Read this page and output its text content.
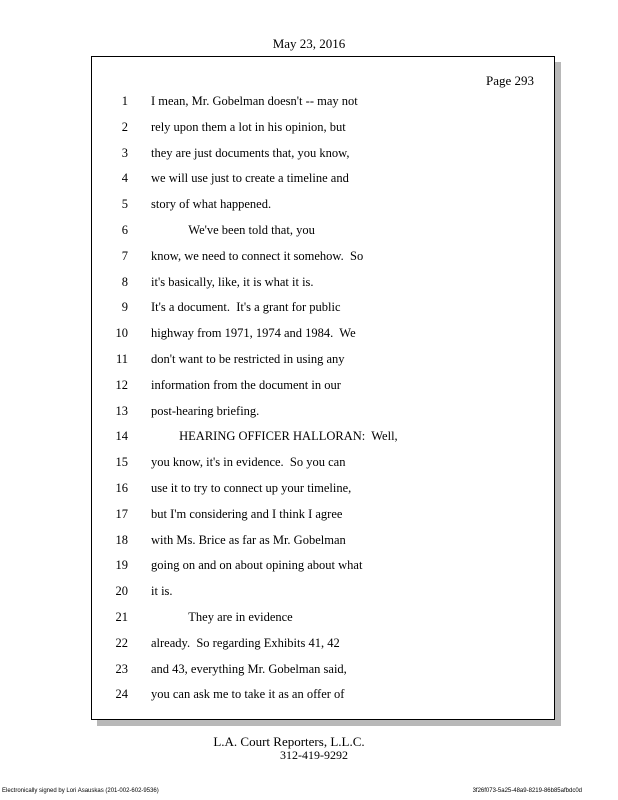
May 23, 2016
Page 293
1 I mean, Mr. Gobelman doesn't -- may not
2 rely upon them a lot in his opinion, but
3 they are just documents that, you know,
4 we will use just to create a timeline and
5 story of what happened.
6 We've been told that, you
7 know, we need to connect it somehow.  So
8 it's basically, like, it is what it is.
9 It's a document.  It's a grant for public
10 highway from 1971, 1974 and 1984.  We
11 don't want to be restricted in using any
12 information from the document in our
13 post-hearing briefing.
14 HEARING OFFICER HALLORAN:  Well,
15 you know, it's in evidence.  So you can
16 use it to try to connect up your timeline,
17 but I'm considering and I think I agree
18 with Ms. Brice as far as Mr. Gobelman
19 going on and on about opining about what
20 it is.
21 They are in evidence
22 already.  So regarding Exhibits 41, 42
23 and 43, everything Mr. Gobelman said,
24 you can ask me to take it as an offer of
L.A. Court Reporters, L.L.C.
312-419-9292
Electronically signed by Lori Asauskas (201-002-602-9536)	3f26f073-5a25-48a9-8219-86b85afbdc0d
